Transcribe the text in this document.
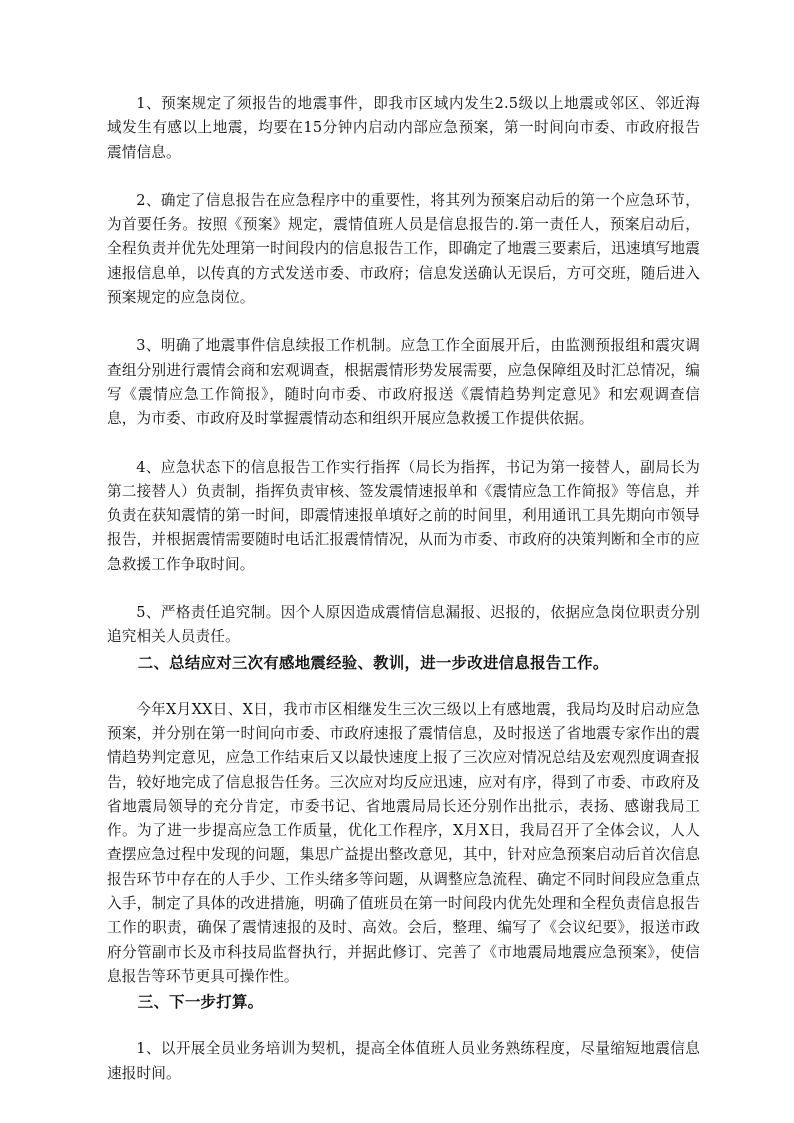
1、预案规定了须报告的地震事件，即我市区域内发生2.5级以上地震或邻区、邻近海域发生有感以上地震，均要在15分钟内启动内部应急预案，第一时间向市委、市政府报告震情信息。

2、确定了信息报告在应急程序中的重要性，将其列为预案启动后的第一个应急环节，为首要任务。按照《预案》规定，震情值班人员是信息报告的.第一责任人，预案启动后，全程负责并优先处理第一时间段内的信息报告工作，即确定了地震三要素后，迅速填写地震速报信息单，以传真的方式发送市委、市政府；信息发送确认无误后，方可交班，随后进入预案规定的应急岗位。

3、明确了地震事件信息续报工作机制。应急工作全面展开后，由监测预报组和震灾调查组分别进行震情会商和宏观调查，根据震情形势发展需要，应急保障组及时汇总情况，编写《震情应急工作简报》，随时向市委、市政府报送《震情趋势判定意见》和宏观调查信息，为市委、市政府及时掌握震情动态和组织开展应急救援工作提供依据。

4、应急状态下的信息报告工作实行指挥（局长为指挥，书记为第一接替人，副局长为第二接替人）负责制，指挥负责审核、签发震情速报单和《震情应急工作简报》等信息，并负责在获知震情的第一时间，即震情速报单填好之前的时间里，利用通讯工具先期向市领导报告，并根据震情需要随时电话汇报震情情况，从而为市委、市政府的决策判断和全市的应急救援工作争取时间。

5、严格责任追究制。因个人原因造成震情信息漏报、迟报的，依据应急岗位职责分别追究相关人员责任。

二、总结应对三次有感地震经验、教训，进一步改进信息报告工作。

今年X月XX日、X日，我市市区相继发生三次三级以上有感地震，我局均及时启动应急预案，并分别在第一时间向市委、市政府速报了震情信息，及时报送了省地震专家作出的震情趋势判定意见，应急工作结束后又以最快速度上报了三次应对情况总结及宏观烈度调查报告，较好地完成了信息报告任务。三次应对均反应迅速，应对有序，得到了市委、市政府及省地震局领导的充分肯定，市委书记、省地震局局长还分别作出批示，表扬、感谢我局工作。为了进一步提高应急工作质量，优化工作程序，X月X日，我局召开了全体会议，人人查摆应急过程中发现的问题，集思广益提出整改意见，其中，针对应急预案启动后首次信息报告环节中存在的人手少、工作头绪多等问题，从调整应急流程、确定不同时间段应急重点入手，制定了具体的改进措施，明确了值班员在第一时间段内优先处理和全程负责信息报告工作的职责，确保了震情速报的及时、高效。会后，整理、编写了《会议纪要》，报送市政府分管副市长及市科技局监督执行，并据此修订、完善了《市地震局地震应急预案》，使信息报告等环节更具可操作性。

三、下一步打算。

1、以开展全员业务培训为契机，提高全体值班人员业务熟练程度，尽量缩短地震信息速报时间。
